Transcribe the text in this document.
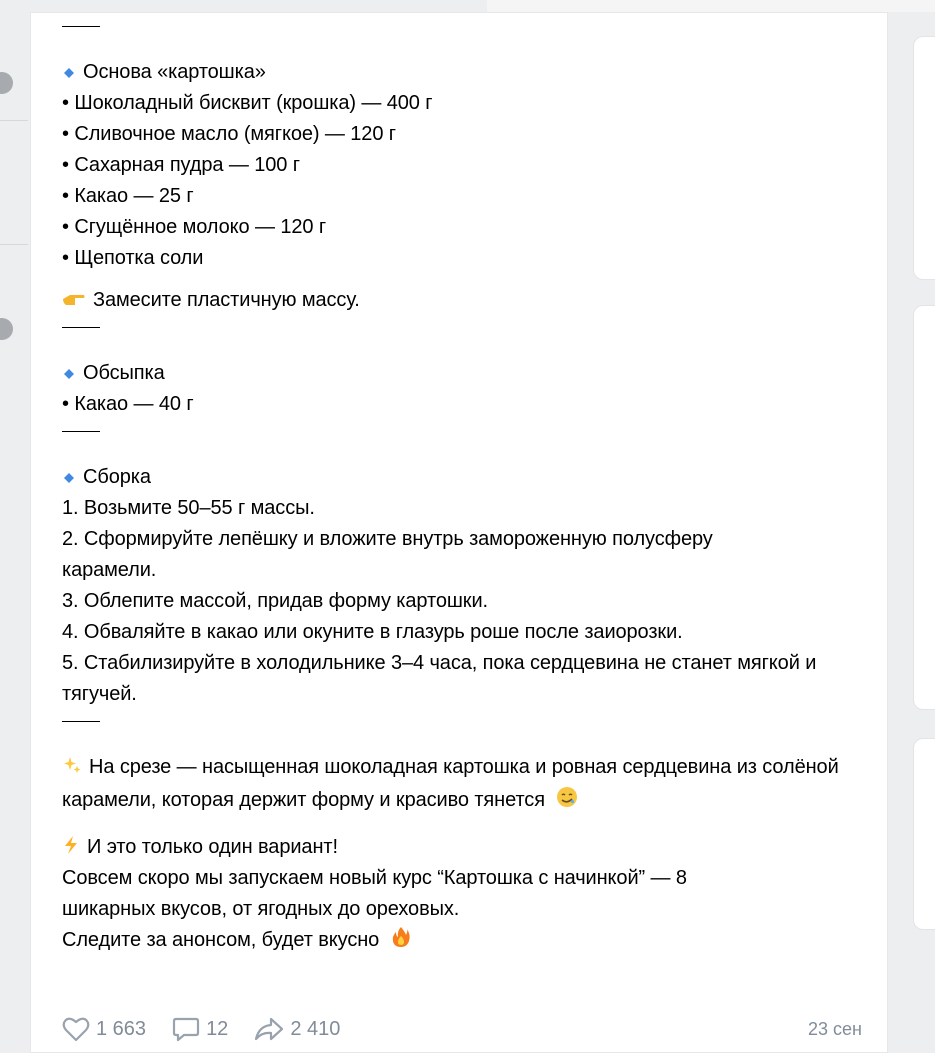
Основа «картошка»
• Шоколадный бисквит (крошка) — 400 г
• Сливочное масло (мягкое) — 120 г
• Сахарная пудра — 100 г
• Какао — 25 г
• Сгущённое молоко — 120 г
• Щепотка соли
Замесите пластичную массу.
Обсыпка
• Какао — 40 г
Сборка
1. Возьмите 50–55 г массы.
2. Сформируйте лепёшку и вложите внутрь замороженную полусферу карамели.
3. Облепите массой, придав форму картошки.
4. Обваляйте в какао или окуните в глазурь роше после заиорозки.
5. Стабилизируйте в холодильнике 3–4 часа, пока сердцевина не станет мягкой и тягучей.
На срезе — насыщенная шоколадная картошка и ровная сердцевина из солёной карамели, которая держит форму и красиво тянется
И это только один вариант!
Совсем скоро мы запускаем новый курс “Картошка с начинкой” — 8 шикарных вкусов, от ягодных до ореховых.
Следите за анонсом, будет вкусно
1 663	12	2 410	23 сен
